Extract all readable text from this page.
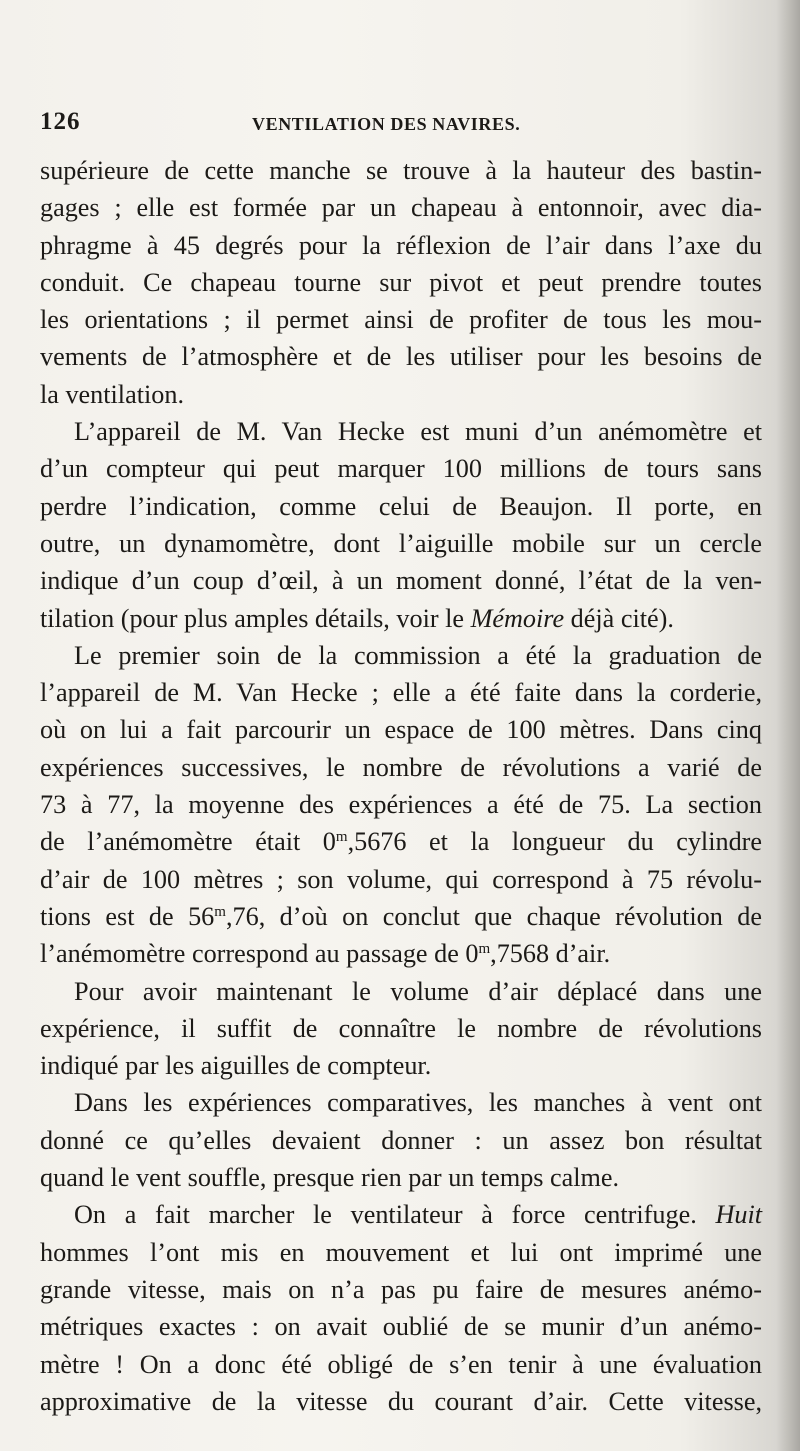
126	VENTILATION DES NAVIRES.
supérieure de cette manche se trouve à la hauteur des bastin-
gages ; elle est formée par un chapeau à entonnoir, avec dia-
phragme à 45 degrés pour la réflexion de l’air dans l’axe du
conduit. Ce chapeau tourne sur pivot et peut prendre toutes
les orientations ; il permet ainsi de profiter de tous les mou-
vements de l’atmosphère et de les utiliser pour les besoins de
la ventilation.
L’appareil de M. Van Hecke est muni d’un anémomètre et
d’un compteur qui peut marquer 100 millions de tours sans
perdre l’indication, comme celui de Beaujon. Il porte, en
outre, un dynamomètre, dont l’aiguille mobile sur un cercle
indique d’un coup d’œil, à un moment donné, l’état de la ven-
tilation (pour plus amples détails, voir le Mémoire déjà cité).
Le premier soin de la commission a été la graduation de
l’appareil de M. Van Hecke ; elle a été faite dans la corderie,
où on lui a fait parcourir un espace de 100 mètres. Dans cinq
expériences successives, le nombre de révolutions a varié de
73 à 77, la moyenne des expériences a été de 75. La section
de l’anémomètre était 0$^m$,5676 et la longueur du cylindre
d’air de 100 mètres ; son volume, qui correspond à 75 révolu-
tions est de 56$^m$,76, d’où on conclut que chaque révolution de
l’anémomètre correspond au passage de 0$^m$,7568 d’air.
Pour avoir maintenant le volume d’air déplacé dans une
expérience, il suffit de connaître le nombre de révolutions
indiqué par les aiguilles de compteur.
Dans les expériences comparatives, les manches à vent ont
donné ce qu’elles devaient donner : un assez bon résultat
quand le vent souffle, presque rien par un temps calme.
On a fait marcher le ventilateur à force centrifuge. Huit
hommes l’ont mis en mouvement et lui ont imprimé une
grande vitesse, mais on n’a pas pu faire de mesures anémo-
métriques exactes : on avait oublié de se munir d’un anémo-
mètre ! On a donc été obligé de s’en tenir à une évaluation
approximative de la vitesse du courant d’air. Cette vitesse,
